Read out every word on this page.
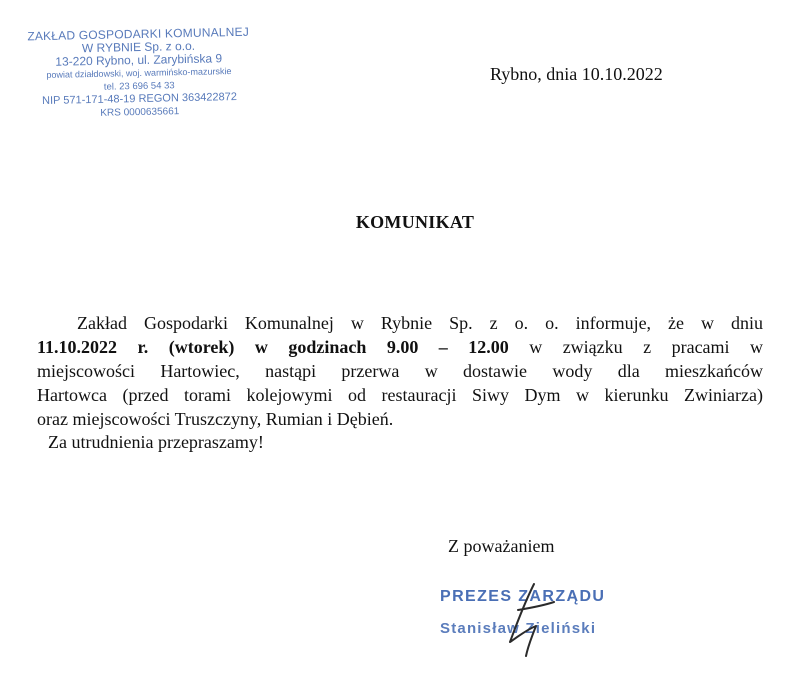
ZAKŁAD GOSPODARKI KOMUNALNEJ
W RYBNIE Sp. z o.o.
13-220 Rybno, ul. Zarybińska 9
powiat działdowski, woj. warmińsko-mazurskie
tel. 23 696 54 33
NIP 571-171-48-19 REGON 363422872
KRS 0000635661
Rybno, dnia 10.10.2022
KOMUNIKAT
Zakład Gospodarki Komunalnej w Rybnie Sp. z o. o. informuje, że w dniu
11.10.2022 r. (wtorek) w godzinach 9.00 – 12.00 w związku z pracami w
miejscowości Hartowiec, nastąpi przerwa w dostawie wody dla mieszkańców
Hartowca (przed torami kolejowymi od restauracji Siwy Dym w kierunku Zwiniarza)
oraz miejscowości Truszczyny, Rumian i Dębień.
Za utrudnienia przepraszamy!
Z poważaniem
PREZES ZARZĄDU
Stanisław Zieliński
